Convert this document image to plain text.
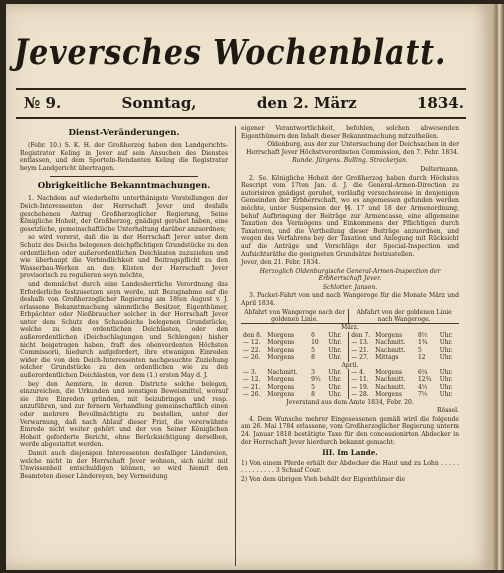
Jeversches Wochenblatt.
№ 9.	Sonntag,	den 2. März	1834.
Dienst-Veränderungen.

(Febr. 10.) S. K. H. der Großherzog haben den Landgerichts-Registrator Keling in Jever auf sein Ansuchen des Dienstes entlassen, und dem Sporteln-Rendanten Keling die Registratur beym Landgericht übertragen.

Obrigkeitliche Bekanntmachungen.

1. Nachdem auf wiederholte unterthänigste Vorstellungen der Deich-Interessenten der Herrschaft Jever und desfalls geschehenen Antrag Großherzoglicher Regierung, Seine Königliche Hoheit, der Großherzog, gnädigst geruhet haben, eine gesetzliche, gemeinschaftliche Unterhaltung darüber anzuordnen;

so wird vorerst, daß die in der Herrschaft Jever unter dem Schutz des Deichs belegenen deichpflichtigen Grundstücke zu den ordentlichen oder außerordentlichen Deichlasten zuzuziehen und wie überhaupt die Verbindlichkeit und Beitragspflicht zu den Wasserbau-Werken an den Küsten der Herrschaft Jever provisorisch zu regulieren seyn möchte,

und demnächst durch eine Landesherrliche Verordnung das Erforderliche festzusetzen seyn werde, mit Bezugnahme auf die deshalb von Großherzoglicher Regierung am 18ten August v. J. erlassene Bekanntmachung sämmtliche Besitzer, Eigenthümer, Erbpächter oder Nießbraucher solcher in der Herrschaft Jever unter dem Schutz des Schaudeichs belegenen Grundstücke, welche zu den ordentlichen Deichlasten, oder den außerordentlichen (Deichschlagungen und Schlengen) bisher nicht beigetragen haben, fraft des obenvordenten Höchsten Commissorii, hiedurch aufgefordert, ihre etwanigen Einreden wider die von den Deich-Interessenten nachgesuchte Zuziehung solcher Grundstücke zu den ordentlichen wie zu den außerordentlichen Deichlasten, vor dem (1.) ersten May d. J.

bey den Aemtern, in deren Districte solche belegen, einzureichen, die Urkunden und sonstigen Beweismittel, worauf sie ihre Einreden gründen, mit beizubringen und resp. anzuführen, und zur fernern Verhandlung gemeinschaftlich einen oder mehrere Bevollmächtigte zu bestellen, unter der Verwarnung, daß nach Ablauf dieser Frist, die vorerwähnte Einrede nicht weiter gehört und der von Seiner Königlichen Hoheit geforderte Bericht, ohne Berücksichtigung derselben, werde abgestattet werden.

Damit auch diejenigen Interessenten desfalliger Ländereien, welche nicht in der Herrschaft Jever wohnen, sich nicht mit Unwissenheit entschuldigen können, so wird hiemit den Beamteten dieser Ländereyen, bey Vermeidung

eigener Verantwortlichkeit, befohlen, solchen abwesenden Eigenthümern den Inhalt dieser Bekanntmachung mitzutheilen.

Oldenburg, aus der zur Untersuchung der Deichsachen in der Herrschaft Jever Höchstverordneten Commission, den 7. Febr. 1834.

Runde. Jürgens. Bulling. Strackerjan.

Deltermann.

2. Se. Königliche Hoheit der Großherzog haben durch Höchstes Rescript vom 17ten Jan. d. J. die General-Armen-Direction zu autorisiren gnädigst geruhet, vorläufig versuchsweise in denjenigen Gemeinden der Erbherrschaft, wo es angemessen gefunden werden möchte, unter Suspension der §§. 17 und 18 der Armenordnung, behuf Aufbringung der Beiträge zur Armencasse, eine allgemeine Taxation des Vermögens und Einkommens der Pflichtigen durch Taxatoren, und die Vertheilung dieser Beiträge anzuordnen, und wegen des Verfahrens bey der Taxation und Anlegung mit Rücksicht auf die Anträge und Vorschläge der Special-Inspection und Aufsichtsräthe die geeigneten Grundsätze festzustellen.

Jever, den 21. Febr. 1834.

Herzoglich Oldenburgische General-Armen-Inspection der Erbherrschaft Jever.

Schlotter. Janson.

3. Packet-Fahrt von und nach Wangeroge für die Monate März und April 1834.

Abfahrt von Wangeroge nach der goldenen Linie.				Abfahrt von der goldenen Linie nach Wangeroge.			
März.							
den 8.	Morgens	6	Uhr.	den 7.	Morgens	8½	Uhr.
— 12.	Morgens	10	Uhr.	— 13.	Nachmitt.	1¾	Uhr.
— 22.	Morgens	5	Uhr.	— 21.	Nachmitt.	5	Uhr.
— 26.	Morgens	8	Uhr.	— 27.	Mittags	12	Uhr.
April.							
— 3.	Nachmitt.	3	Uhr.	— 4.	Morgens	6¼	Uhr.
— 12.	Morgens	9½	Uhr.	— 11.	Nachmitt.	12¾	Uhr.
— 21.	Morgens	5	Uhr.	— 19.	Nachmitt.	4½	Uhr.
— 26.	Morgens	8	Uhr.	— 28.	Morgens	7½	Uhr.

Jeverstand aus dem Amte 1834, Febr. 20.

Rössel.

4. Dem Wunsche mehrer Eingesessenen gemäß wird die folgende am 26. Mai 1784 erlassene, vom Großherzoglicher Regierung unterm 24. Januar 1818 bestätigte Taxe für den concessionirten Abdecker in der Herrschaft Jever hierdurch bekannt gemacht:

III. Im Lande.

1) Von einem Pferde erhält der Abdecker die Haut und zu Lohn . . . . . . . . . . . . . . 3 Schaaf Cour.

2) Von dem übrigen Vieh behält der Eigenthümer die
